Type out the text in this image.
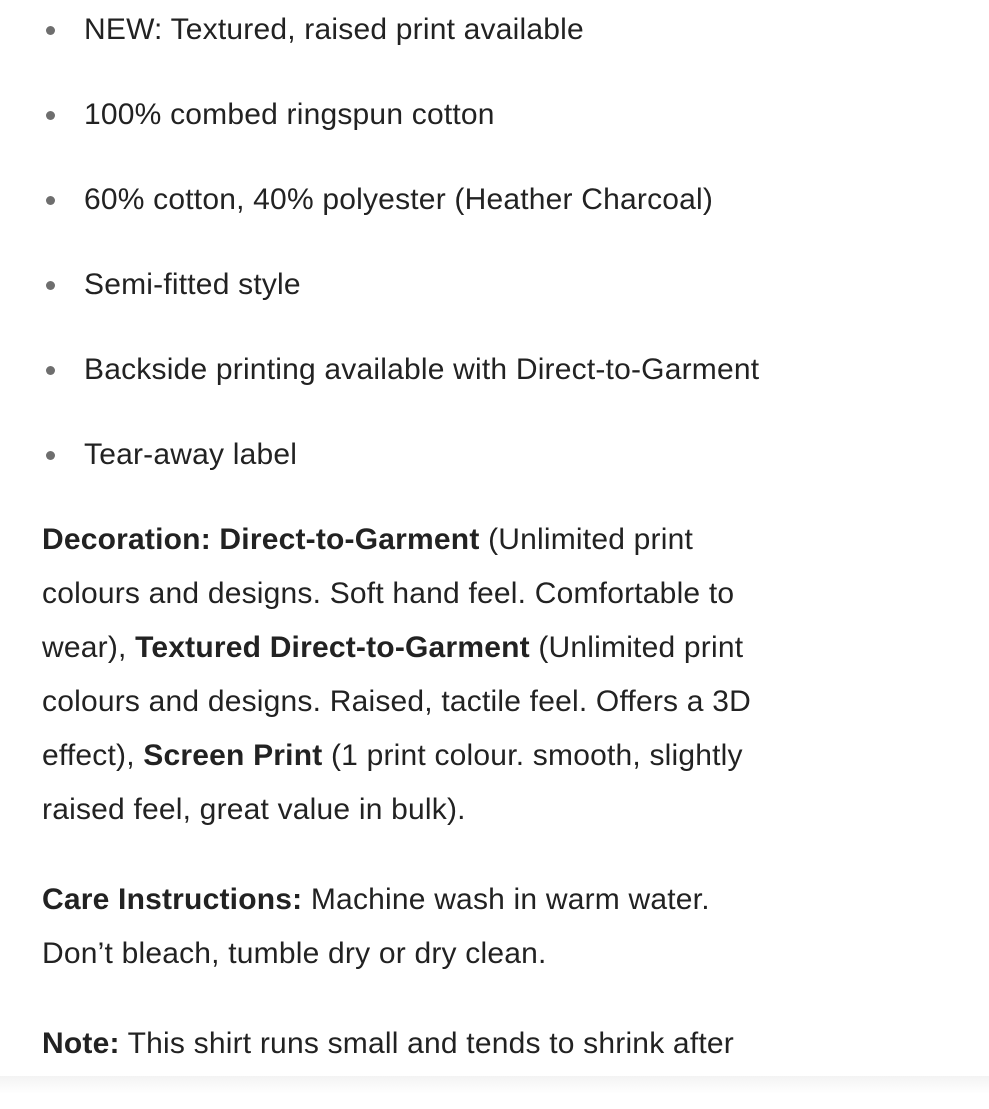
NEW: Textured, raised print available
100% combed ringspun cotton
60% cotton, 40% polyester (Heather Charcoal)
Semi-fitted style
Backside printing available with Direct-to-Garment
Tear-away label

Decoration: Direct-to-Garment (Unlimited print
colours and designs. Soft hand feel. Comfortable to
wear), Textured Direct-to-Garment (Unlimited print
colours and designs. Raised, tactile feel. Offers a 3D
effect), Screen Print (1 print colour. smooth, slightly
raised feel, great value in bulk).

Care Instructions: Machine wash in warm water.
Don’t bleach, tumble dry or dry clean.

Note: This shirt runs small and tends to shrink after
